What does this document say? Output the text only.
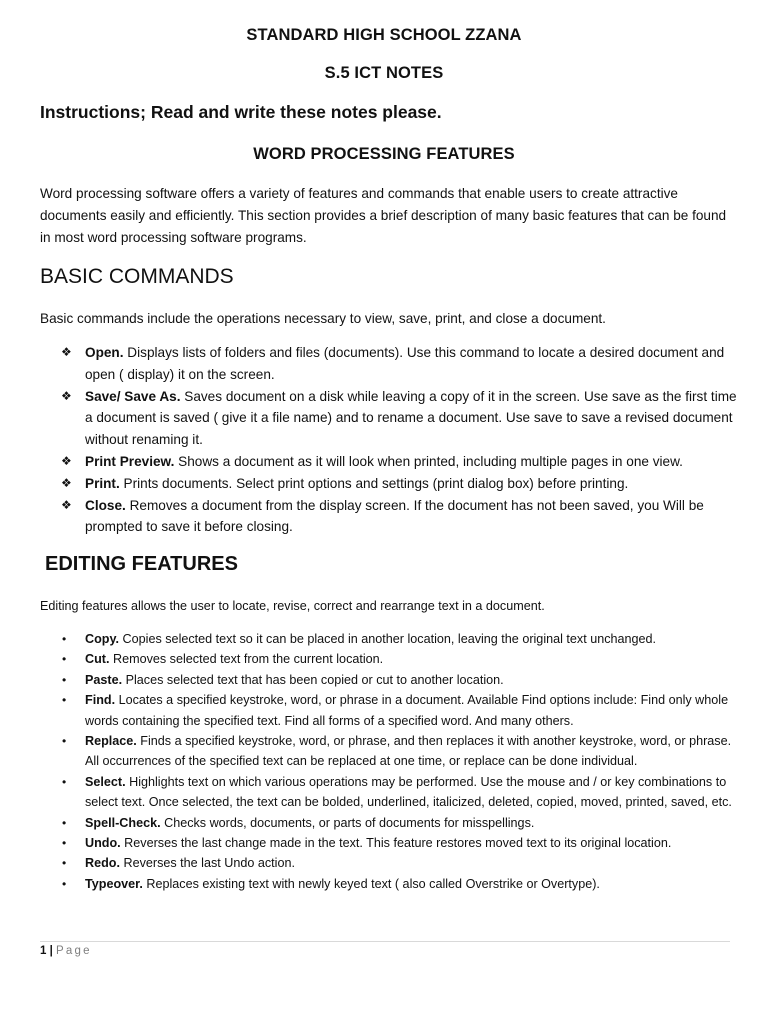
STANDARD HIGH SCHOOL ZZANA
S.5 ICT NOTES
Instructions; Read and write these notes please.
WORD PROCESSING FEATURES
Word processing software offers a variety of features and commands that enable users to create attractive documents easily and efficiently. This section provides a brief description of many basic features that can be found in most word processing software programs.
BASIC COMMANDS
Basic commands include the operations necessary to view, save, print, and close a document.
❖ Open. Displays lists of folders and files (documents). Use this command to locate a desired document and open ( display) it on the screen.
❖ Save/ Save As. Saves document on a disk while leaving a copy of it in the screen. Use save as the first time a document is saved ( give it a file name) and to rename a document. Use save to save a revised document without renaming it.
❖ Print Preview. Shows a document as it will look when printed, including multiple pages in one view.
❖ Print. Prints documents. Select print options and settings (print dialog box) before printing.
❖ Close. Removes a document from the display screen. If the document has not been saved, you Will be prompted to save it before closing.
EDITING FEATURES
Editing features allows the user to locate, revise, correct and rearrange text in a document.
• Copy. Copies selected text so it can be placed in another location, leaving the original text unchanged.
• Cut. Removes selected text from the current location.
• Paste. Places selected text that has been copied or cut to another location.
• Find. Locates a specified keystroke, word, or phrase in a document. Available Find options include: Find only whole words containing the specified text. Find all forms of a specified word. And many others.
• Replace. Finds a specified keystroke, word, or phrase, and then replaces it with another keystroke, word, or phrase. All occurrences of the specified text can be replaced at one time, or replace can be done individual.
• Select. Highlights text on which various operations may be performed. Use the mouse and / or key combinations to select text. Once selected, the text can be bolded, underlined, italicized, deleted, copied, moved, printed, saved, etc.
• Spell-Check. Checks words, documents, or parts of documents for misspellings.
• Undo. Reverses the last change made in the text. This feature restores moved text to its original location.
• Redo. Reverses the last Undo action.
• Typeover. Replaces existing text with newly keyed text ( also called Overstrike or Overtype).
1 | Page
